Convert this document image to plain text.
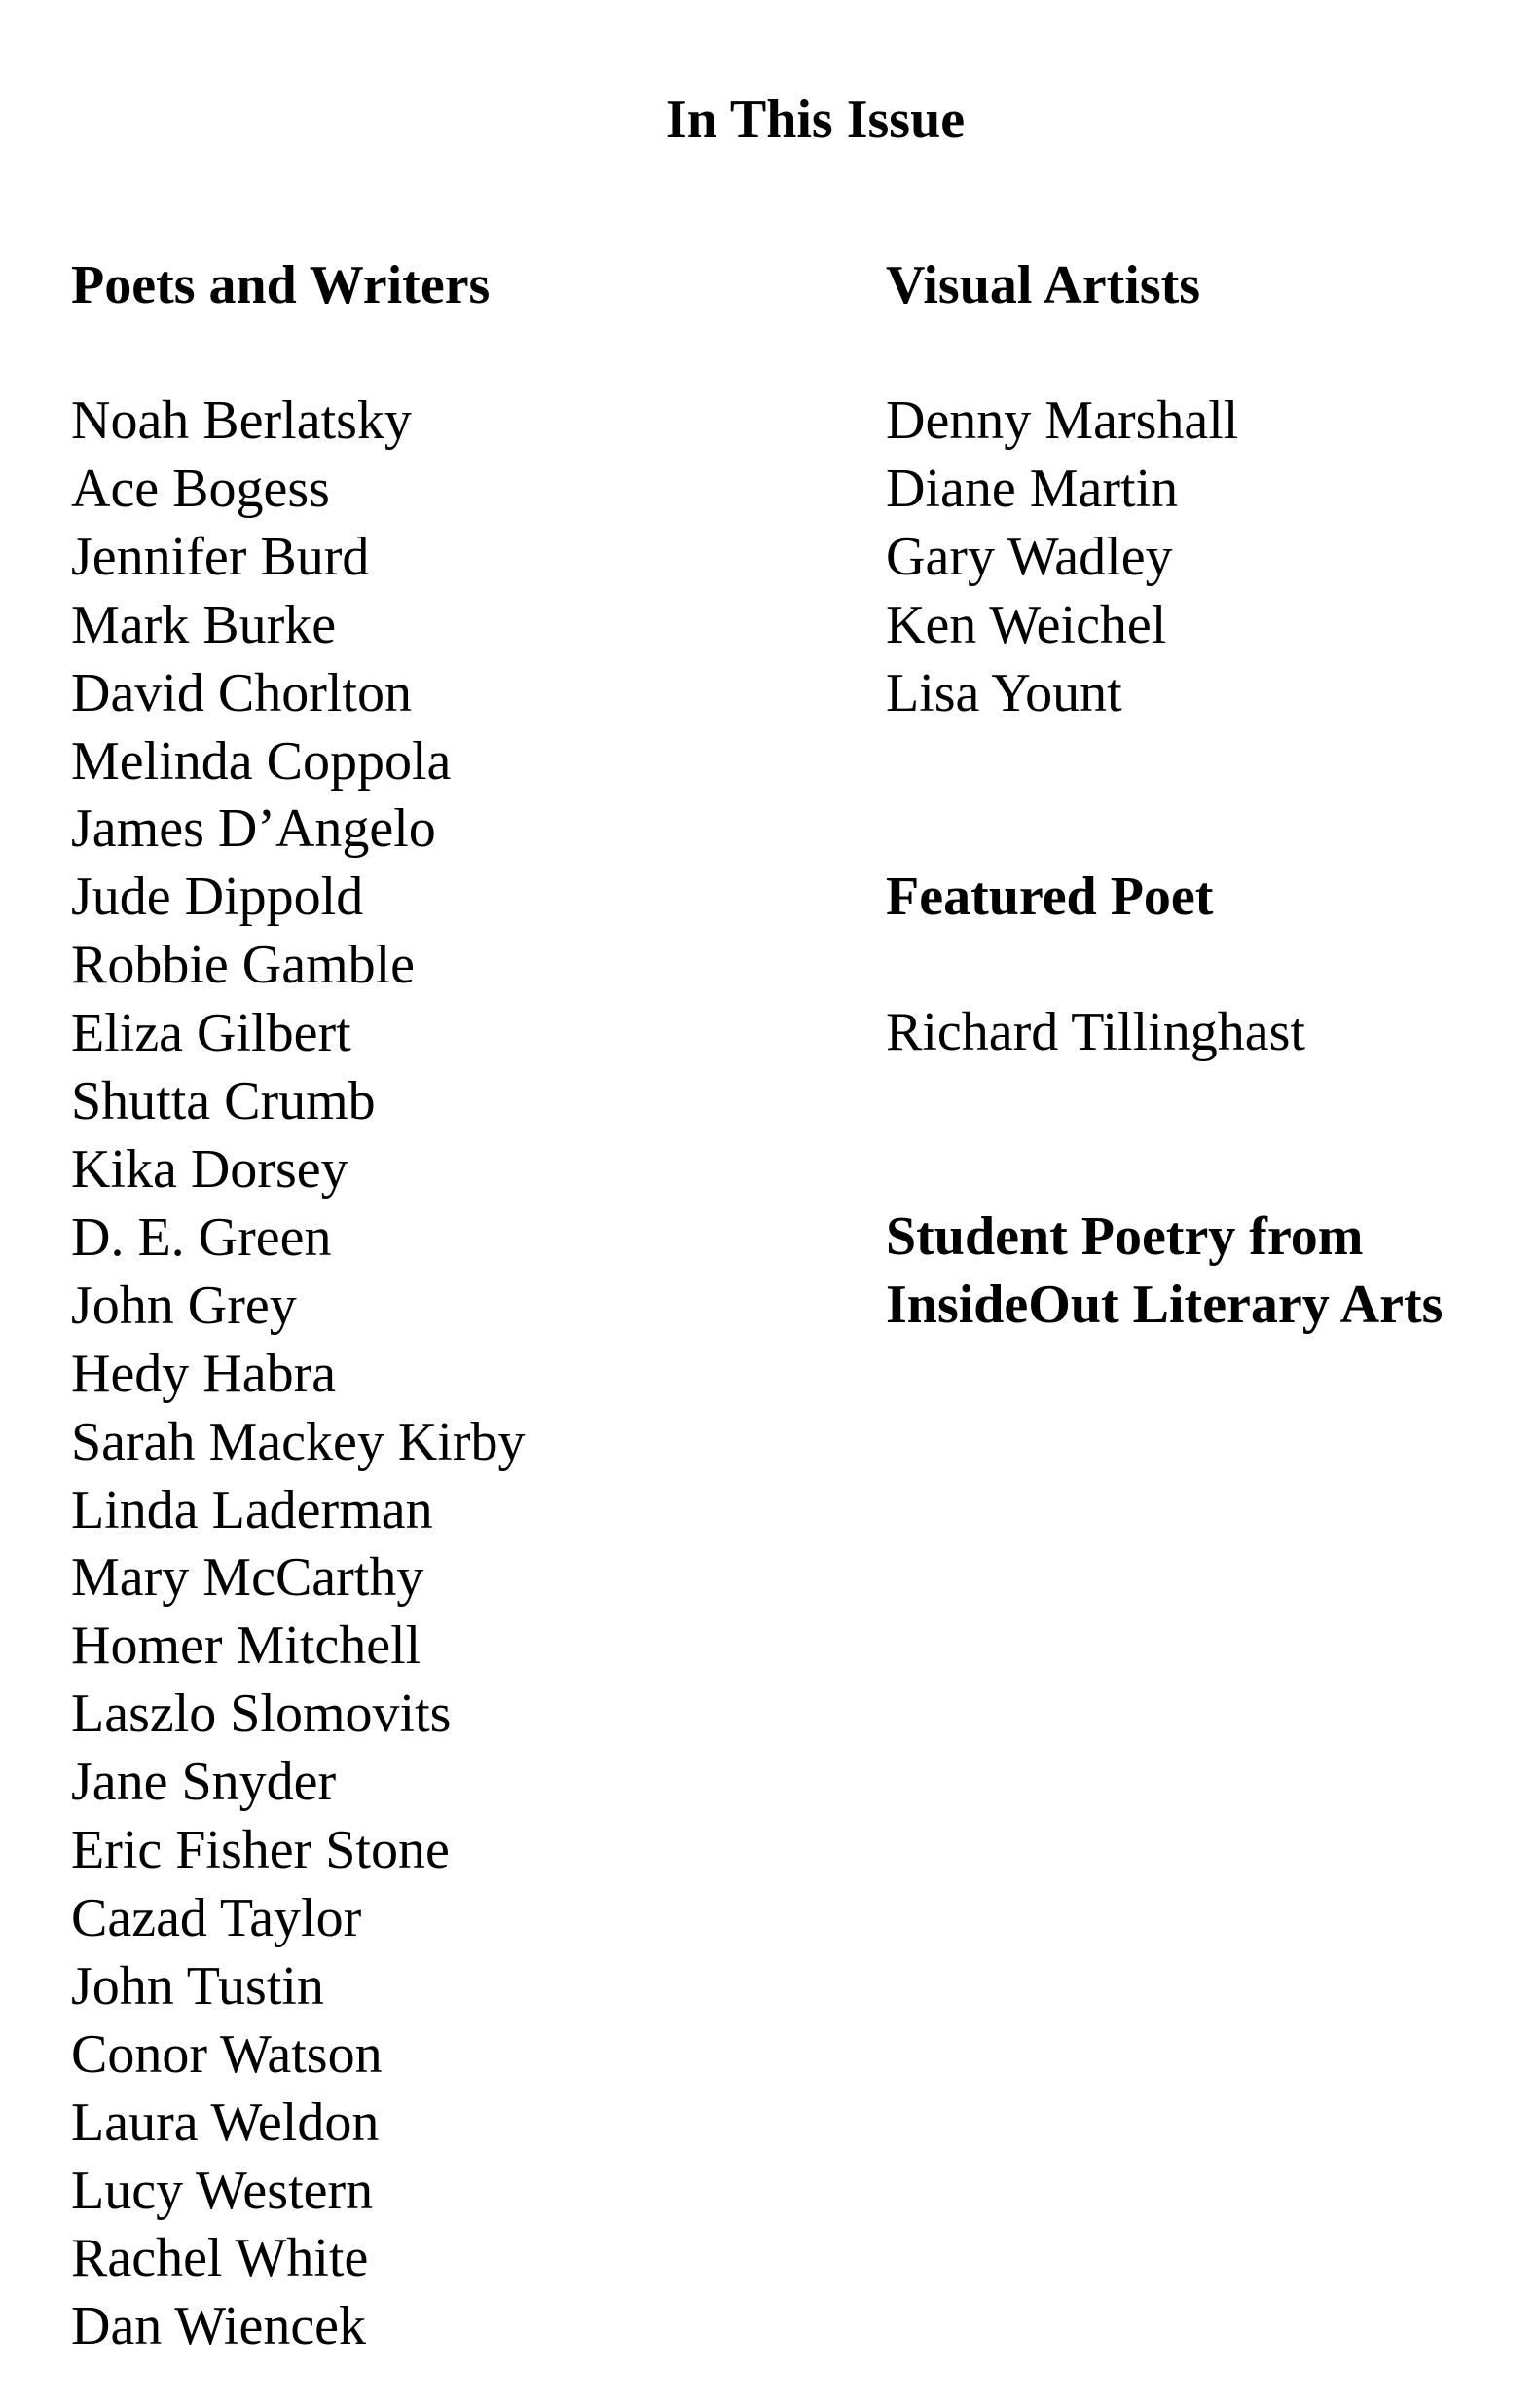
In This Issue
Poets and Writers
Noah Berlatsky
Ace Bogess
Jennifer Burd
Mark Burke
David Chorlton
Melinda Coppola
James D’Angelo
Jude Dippold
Robbie Gamble
Eliza Gilbert
Shutta Crumb
Kika Dorsey
D. E. Green
John Grey
Hedy Habra
Sarah Mackey Kirby
Linda Laderman
Mary McCarthy
Homer Mitchell
Laszlo Slomovits
Jane Snyder
Eric Fisher Stone
Cazad Taylor
John Tustin
Conor Watson
Laura Weldon
Lucy Western
Rachel White
Dan Wiencek
Visual Artists
Denny Marshall
Diane Martin
Gary Wadley
Ken Weichel
Lisa Yount
Featured Poet
Richard Tillinghast
Student Poetry from
InsideOut Literary Arts
